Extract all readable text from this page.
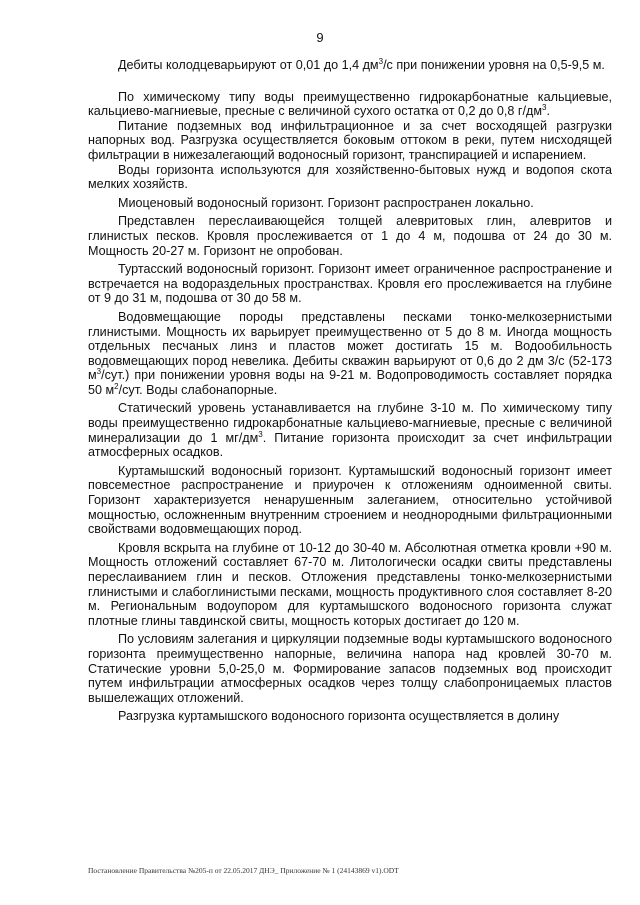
9

Дебиты колодцеварьируют от 0,01 до 1,4 $дм^3/с$ при понижении уровня на 0,5-9,5 м.

По химическому типу воды преимущественно гидрокарбонатные кальциевые, кальциево-магниевые, пресные с величиной сухого остатка от 0,2 до 0,8 $г/дм^3$.

Питание подземных вод инфильтрационное и за счет восходящей разгрузки напорных вод. Разгрузка осуществляется боковым оттоком в реки, путем нисходящей фильтрации в нижезалегающий водоносный горизонт, транспирацией и испарением.

Воды горизонта используются для хозяйственно-бытовых нужд и водопоя скота мелких хозяйств.

Миоценовый водоносный горизонт. Горизонт распространен локально.

Представлен переслаивающейся толщей алевритовых глин, алевритов и глинистых песков. Кровля прослеживается от 1 до 4 м, подошва от 24 до 30 м. Мощность 20-27 м. Горизонт не опробован.

Туртасский водоносный горизонт. Горизонт имеет ограниченное распространение и встречается на водораздельных пространствах. Кровля его прослеживается на глубине от 9 до 31 м, подошва от 30 до 58 м.

Водовмещающие породы представлены песками тонко-мелкозернистыми глинистыми. Мощность их варьирует преимущественно от 5 до 8 м. Иногда мощность отдельных песчаных линз и пластов может достигать 15 м. Водообильность водовмещающих пород невелика. Дебиты скважин варьируют от 0,6 до 2 дм 3/с (52-173 $м^3/сут$.) при понижении уровня воды на 9-21 м. Водопроводимость составляет порядка 50 $м^2$/сут. Воды слабонапорные.

Статический уровень устанавливается на глубине 3-10 м. По химическому типу воды преимущественно гидрокарбонатные кальциево-магниевые, пресные с величиной минерализации до 1 $мг/дм^3$. Питание горизонта происходит за счет инфильтрации атмосферных осадков.

Куртамышский водоносный горизонт. Куртамышский водоносный горизонт имеет повсеместное распространение и приурочен к отложениям одноименной свиты. Горизонт характеризуется ненарушенным залеганием, относительно устойчивой мощностью, осложненным внутренним строением и неоднородными фильтрационными свойствами водовмещающих пород.

Кровля вскрыта на глубине от 10-12 до 30-40 м. Абсолютная отметка кровли +90 м. Мощность отложений составляет 67-70 м. Литологически осадки свиты представлены переслаиванием глин и песков. Отложения представлены тонко-мелкозернистыми глинистыми и слабоглинистыми песками, мощность продуктивного слоя составляет 8-20 м. Региональным водоупором для куртамышского водоносного горизонта служат плотные глины тавдинской свиты, мощность которых достигает до 120 м.

По условиям залегания и циркуляции подземные воды куртамышского водоносного горизонта преимущественно напорные, величина напора над кровлей 30-70 м. Статические уровни 5,0-25,0 м. Формирование запасов подземных вод происходит путем инфильтрации атмосферных осадков через толщу слабопроницаемых пластов вышележащих отложений.

Разгрузка куртамышского водоносного горизонта осуществляется в долину

Постановление Правительства №205-п от 22.05.2017 ДНЭ_ Приложение № 1 (24143869 v1).ODT
